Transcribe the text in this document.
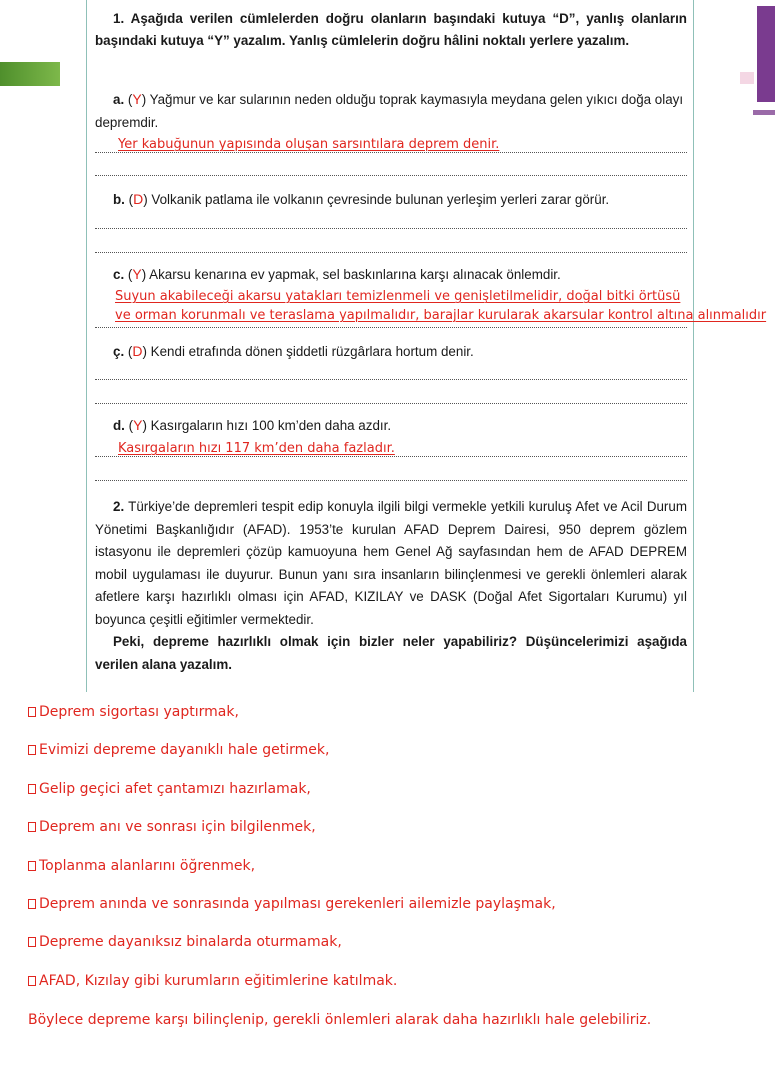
1. Aşağıda verilen cümlelerden doğru olanların başındaki kutuya “D”, yanlış olanların başındaki kutuya “Y” yazalım. Yanlış cümlelerin doğru hâlini noktalı yerlere yazalım.
a. (Y) Yağmur ve kar sularının neden olduğu toprak kaymasıyla meydana gelen yıkıcı doğa olayı depremdir.
Yer kabuğunun yapısında oluşan sarsıntılara deprem denir.
b. (D) Volkanik patlama ile volkanın çevresinde bulunan yerleşim yerleri zarar görür.
c. (Y) Akarsu kenarına ev yapmak, sel baskınlarına karşı alınacak önlemdir.
Suyun akabileceği akarsu yatakları temizlenmeli ve genişletilmelidir, doğal bitki örtüsü
ve orman korunmalı ve teraslama yapılmalıdır, barajlar kurularak akarsular kontrol altına alınmalıdır
ç. (D) Kendi etrafında dönen şiddetli rüzgârlara hortum denir.
d. (Y) Kasırgaların hızı 100 km’den daha azdır.
Kasırgaların hızı 117 km’den daha fazladır.
2. Türkiye’de depremleri tespit edip konuyla ilgili bilgi vermekle yetkili kuruluş Afet ve Acil Durum Yönetimi Başkanlığıdır (AFAD). 1953’te kurulan AFAD Deprem Dairesi, 950 deprem gözlem istasyonu ile depremleri çözüp kamuoyuna hem Genel Ağ sayfasından hem de AFAD DEPREM mobil uygulaması ile duyurur. Bunun yanı sıra insanların bilinçlenmesi ve gerekli önlemleri alarak afetlere karşı hazırlıklı olması için AFAD, KIZILAY ve DASK (Doğal Afet Sigortaları Kurumu) yıl boyunca çeşitli eğitimler vermektedir.
Peki, depreme hazırlıklı olmak için bizler neler yapabiliriz? Düşüncelerimizi aşağıda verilen alana yazalım.
Deprem sigortası yaptırmak,
Evimizi depreme dayanıklı hale getirmek,
Gelip geçici afet çantamızı hazırlamak,
Deprem anı ve sonrası için bilgilenmek,
Toplanma alanlarını öğrenmek,
Deprem anında ve sonrasında yapılması gerekenleri ailemizle paylaşmak,
Depreme dayanıksız binalarda oturmamak,
AFAD, Kızılay gibi kurumların eğitimlerine katılmak.
Böylece depreme karşı bilinçlenip, gerekli önlemleri alarak daha hazırlıklı hale gelebiliriz.
